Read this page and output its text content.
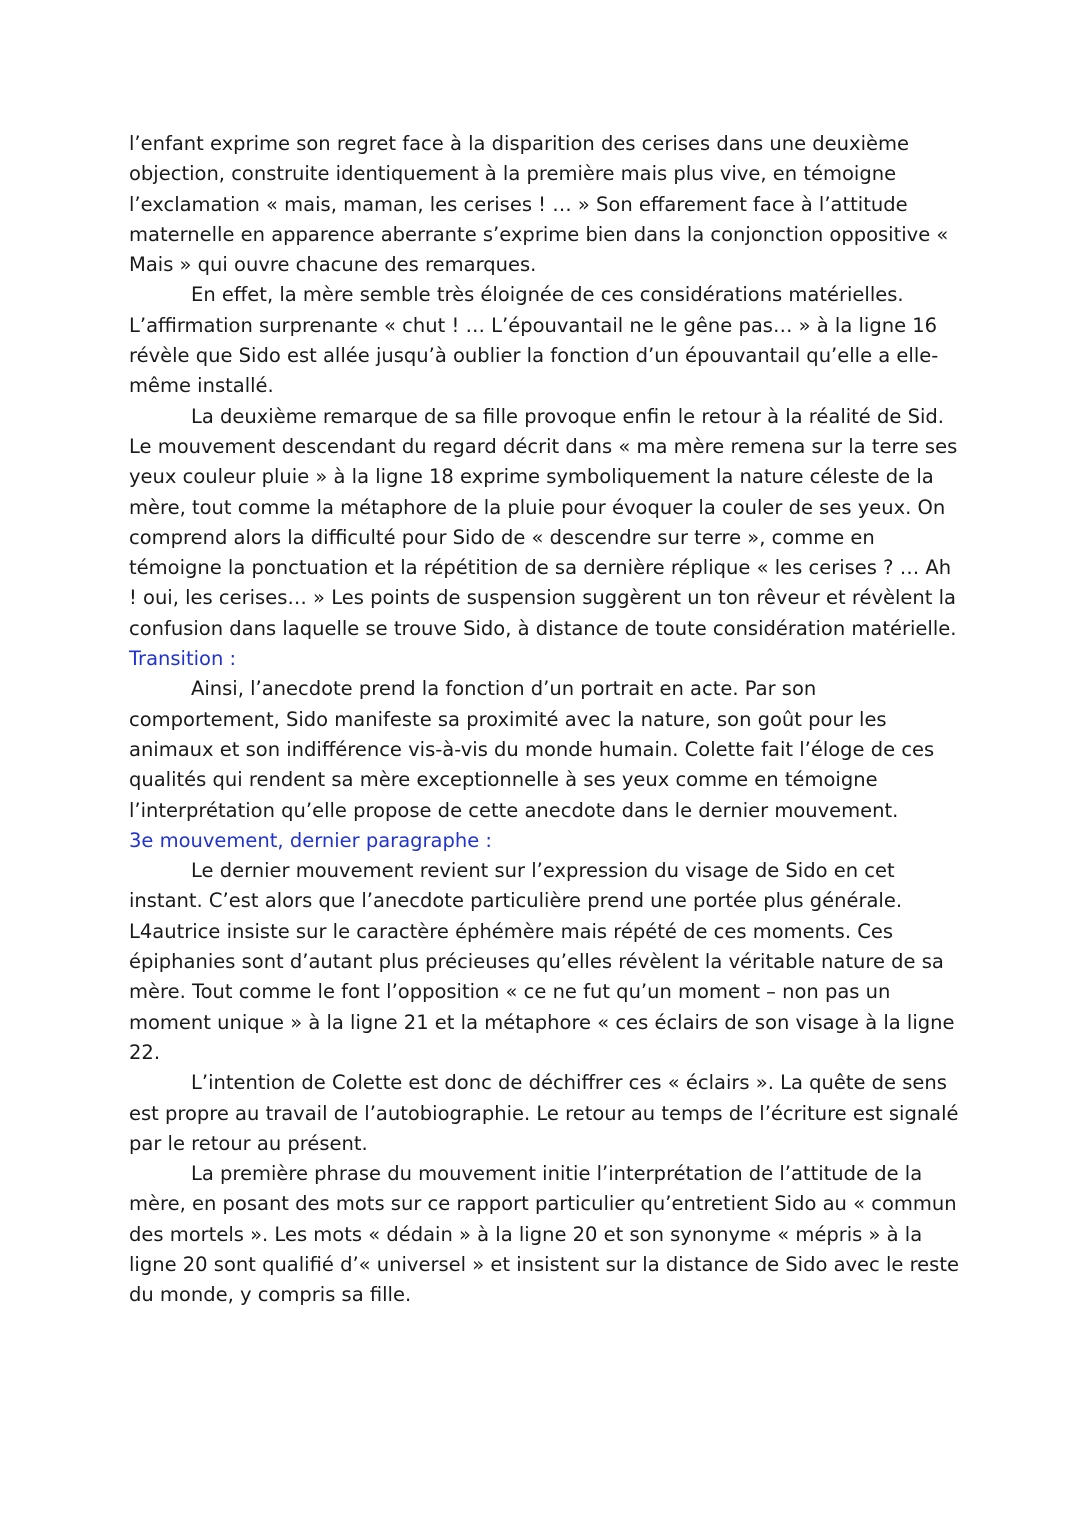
l’enfant exprime son regret face à la disparition des cerises dans une deuxième objection, construite identiquement à la première mais plus vive, en témoigne l’exclamation « mais, maman, les cerises ! … » Son effarement face à l’attitude maternelle en apparence aberrante s’exprime bien dans la conjonction oppositive « Mais » qui ouvre chacune des remarques.

En effet, la mère semble très éloignée de ces considérations matérielles. L’affirmation surprenante « chut ! … L’épouvantail ne le gêne pas… » à la ligne 16 révèle que Sido est allée jusqu’à oublier la fonction d’un épouvantail qu’elle a elle-même installé.

La deuxième remarque de sa fille provoque enfin le retour à la réalité de Sid. Le mouvement descendant du regard décrit dans « ma mère remena sur la terre ses yeux couleur pluie » à la ligne 18 exprime symboliquement la nature céleste de la mère, tout comme la métaphore de la pluie pour évoquer la couler de ses yeux. On comprend alors la difficulté pour Sido de « descendre sur terre », comme en témoigne la ponctuation et la répétition de sa dernière réplique « les cerises ? … Ah ! oui, les cerises… » Les points de suspension suggèrent un ton rêveur et révèlent la confusion dans laquelle se trouve Sido, à distance de toute considération matérielle.

Transition :

Ainsi, l’anecdote prend la fonction d’un portrait en acte. Par son comportement, Sido manifeste sa proximité avec la nature, son goût pour les animaux et son indifférence vis-à-vis du monde humain. Colette fait l’éloge de ces qualités qui rendent sa mère exceptionnelle à ses yeux comme en témoigne l’interprétation qu’elle propose de cette anecdote dans le dernier mouvement.

3e mouvement, dernier paragraphe :

Le dernier mouvement revient sur l’expression du visage de Sido en cet instant. C’est alors que l’anecdote particulière prend une portée plus générale. L4autrice insiste sur le caractère éphémère mais répété de ces moments. Ces épiphanies sont d’autant plus précieuses qu’elles révèlent la véritable nature de sa mère. Tout comme le font l’opposition « ce ne fut qu’un moment – non pas un moment unique » à la ligne 21 et la métaphore « ces éclairs de son visage à la ligne 22.

L’intention de Colette est donc de déchiffrer ces « éclairs ». La quête de sens est propre au travail de l’autobiographie. Le retour au temps de l’écriture est signalé par le retour au présent.

La première phrase du mouvement initie l’interprétation de l’attitude de la mère, en posant des mots sur ce rapport particulier qu’entretient Sido au « commun des mortels ». Les mots « dédain » à la ligne 20 et son synonyme « mépris » à la ligne 20 sont qualifié d’« universel » et insistent sur la distance de Sido avec le reste du monde, y compris sa fille.
